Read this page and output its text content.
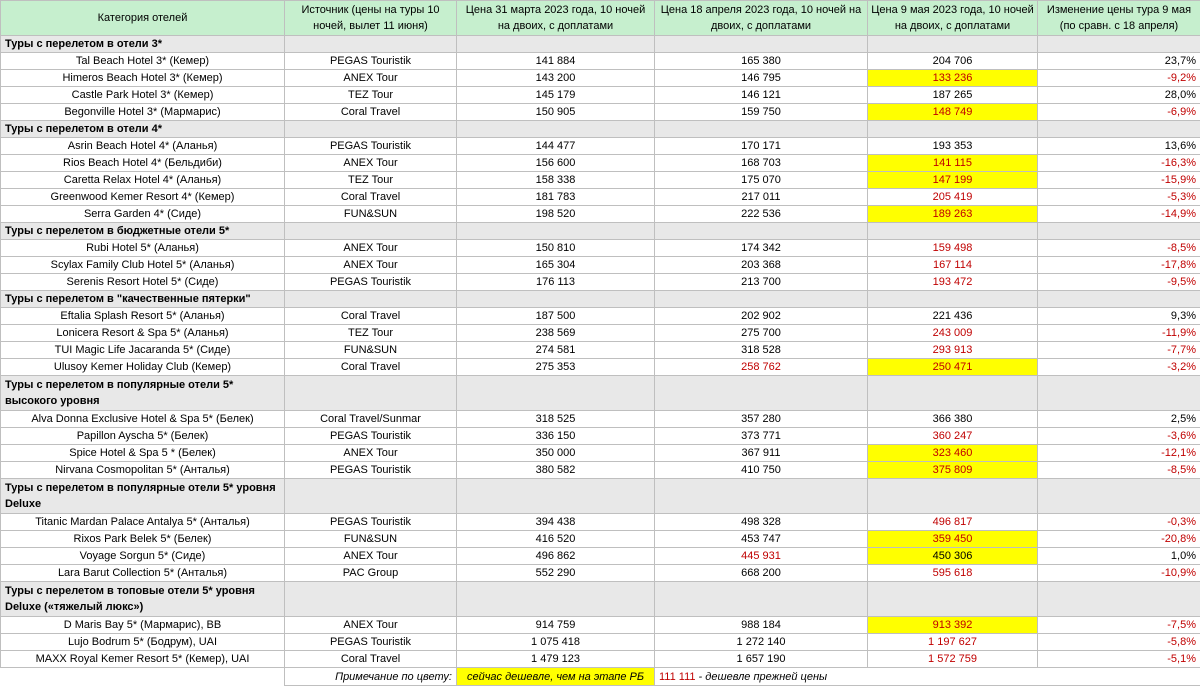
Категория отелей	Источник (цены на туры 10 ночей, вылет 11 июня)	Цена 31 марта 2023 года, 10 ночей на двоих, с доплатами	Цена 18 апреля 2023 года, 10 ночей на двоих, с доплатами	Цена 9 мая 2023 года, 10 ночей на двоих, с доплатами	Изменение цены тура 9 мая (по сравн. с 18 апреля)
Туры с перелетом в отели 3*					
Tal Beach Hotel 3* (Кемер)	PEGAS Touristik	141 884	165 380	204 706	23,7%
Himeros Beach Hotel 3* (Кемер)	ANEX Tour	143 200	146 795	133 236	-9,2%
Castle Park Hotel 3* (Кемер)	TEZ Tour	145 179	146 121	187 265	28,0%
Begonville Hotel 3* (Мармарис)	Coral Travel	150 905	159 750	148 749	-6,9%
Туры с перелетом в отели 4*					
Asrin Beach Hotel 4* (Аланья)	PEGAS Touristik	144 477	170 171	193 353	13,6%
Rios Beach Hotel 4* (Бельдиби)	ANEX Tour	156 600	168 703	141 115	-16,3%
Caretta Relax Hotel 4* (Аланья)	TEZ Tour	158 338	175 070	147 199	-15,9%
Greenwood Kemer Resort 4* (Кемер)	Coral Travel	181 783	217 011	205 419	-5,3%
Serra Garden 4* (Сиде)	FUN&SUN	198 520	222 536	189 263	-14,9%
Туры с перелетом в бюджетные отели 5*					
Rubi Hotel 5* (Аланья)	ANEX Tour	150 810	174 342	159 498	-8,5%
Scylax Family Club Hotel 5* (Аланья)	ANEX Tour	165 304	203 368	167 114	-17,8%
Serenis Resort Hotel 5* (Сиде)	PEGAS Touristik	176 113	213 700	193 472	-9,5%
Туры с перелетом в "качественные пятерки"					
Eftalia Splash Resort 5* (Аланья)	Coral Travel	187 500	202 902	221 436	9,3%
Lonicera Resort & Spa 5* (Аланья)	TEZ Tour	238 569	275 700	243 009	-11,9%
TUI Magic Life Jacaranda 5* (Сиде)	FUN&SUN	274 581	318 528	293 913	-7,7%
Ulusoy Kemer Holiday Club (Кемер)	Coral Travel	275 353	258 762	250 471	-3,2%
Туры с перелетом в популярные отели 5* высокого уровня					
Alva Donna Exclusive Hotel & Spa 5* (Белек)	Coral Travel/Sunmar	318 525	357 280	366 380	2,5%
Papillon Ayscha 5* (Белек)	PEGAS Touristik	336 150	373 771	360 247	-3,6%
Spice Hotel & Spa 5 * (Белек)	ANEX Tour	350 000	367 911	323 460	-12,1%
Nirvana Cosmopolitan 5* (Анталья)	PEGAS Touristik	380 582	410 750	375 809	-8,5%
Туры с перелетом в популярные отели 5* уровня Deluxe					
Titanic Mardan Palace Antalya 5* (Анталья)	PEGAS Touristik	394 438	498 328	496 817	-0,3%
Rixos Park Belek 5* (Белек)	FUN&SUN	416 520	453 747	359 450	-20,8%
Voyage Sorgun 5* (Сиде)	ANEX Tour	496 862	445 931	450 306	1,0%
Lara Barut Collection 5* (Анталья)	PAC Group	552 290	668 200	595 618	-10,9%
Туры с перелетом в топовые отели 5* уровня Deluxe («тяжелый люкс»)					
D Maris Bay 5* (Мармарис), BB	ANEX Tour	914 759	988 184	913 392	-7,5%
Lujo Bodrum 5* (Бодрум), UAI	PEGAS Touristik	1 075 418	1 272 140	1 197 627	-5,8%
MAXX Royal Kemer Resort 5* (Кемер), UAI	Coral Travel	1 479 123	1 657 190	1 572 759	-5,1%
	Примечание по цвету:	сейчас дешевле, чем на этапе РБ	111 111 - дешевле прежней цены		
